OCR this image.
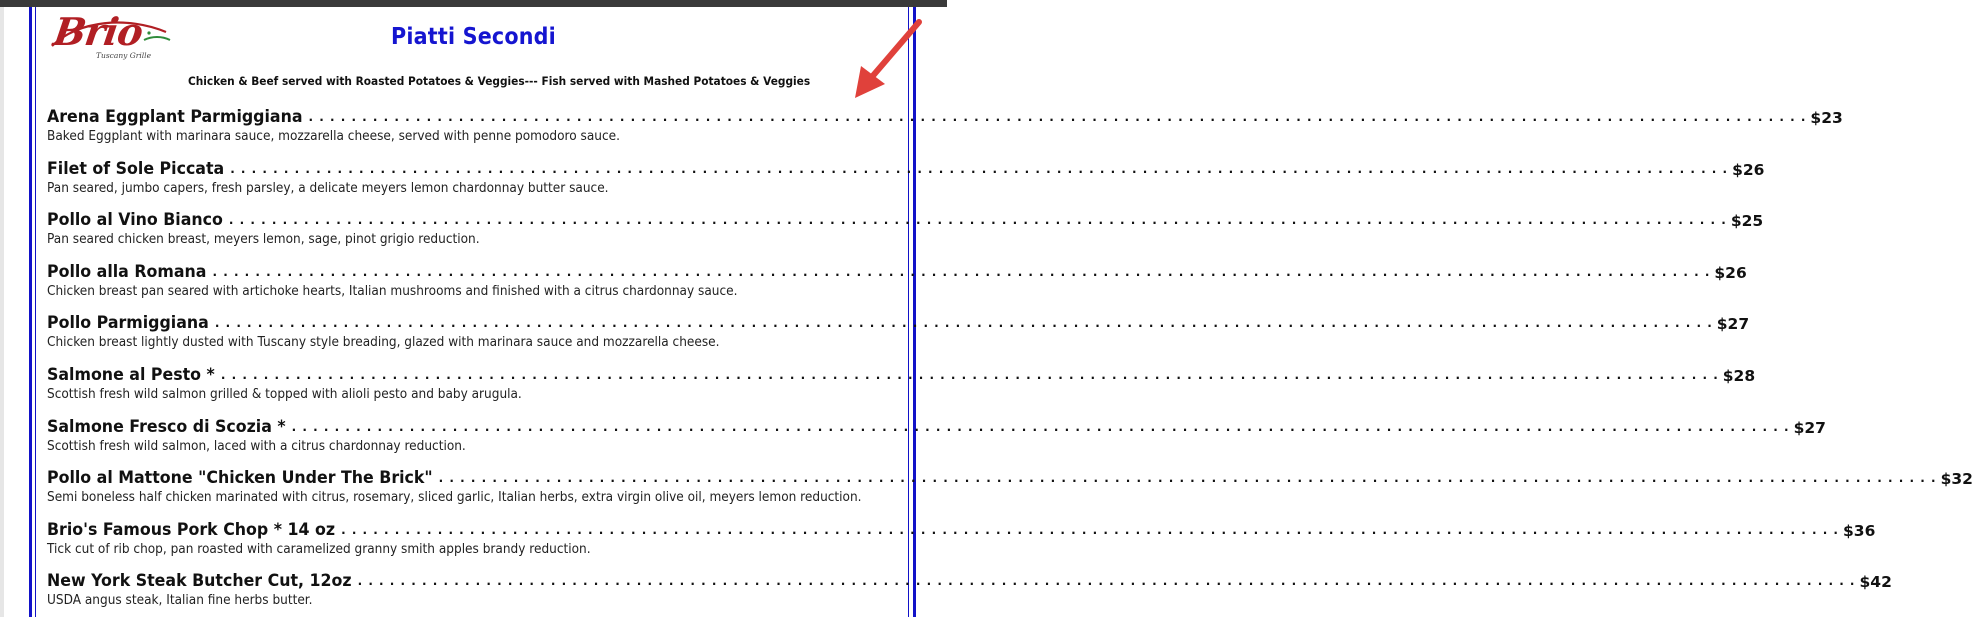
Brio
Tuscany Grille
Piatti Secondi
Chicken & Beef served with Roasted Potatoes & Veggies--- Fish served with Mashed Potatoes & Veggies
Arena Eggplant Parmiggiana . . . . . . . . . . . . . . . . . . . . . . . . . . . . . . . . . . . . . . . . . . . . . . . . . . . . . . . . . . . . . . . . . . . . . . . . . . . . . . . . . . . . . . . . . . . . . . . . . . . . . . . . . . . . . . . . . . . . . . . . . . . . . . . . . . . . . . . . . . . . $23
Baked Eggplant with marinara sauce, mozzarella cheese, served with penne pomodoro sauce.
Filet of Sole Piccata . . . . . . . . . . . . . . . . . . . . . . . . . . . . . . . . . . . . . . . . . . . . . . . . . . . . . . . . . . . . . . . . . . . . . . . . . . . . . . . . . . . . . . . . . . . . . . . . . . . . . . . . . . . . . . . . . . . . . . . . . . . . . . . . . . . . . . . . . . . . $26
Pan seared, jumbo capers, fresh parsley, a delicate meyers lemon chardonnay butter sauce.
Pollo al Vino Bianco . . . . . . . . . . . . . . . . . . . . . . . . . . . . . . . . . . . . . . . . . . . . . . . . . . . . . . . . . . . . . . . . . . . . . . . . . . . . . . . . . . . . . . . . . . . . . . . . . . . . . . . . . . . . . . . . . . . . . . . . . . . . . . . . . . . . . . . . . . . . $25
Pan seared chicken breast, meyers lemon, sage, pinot grigio reduction.
Pollo alla Romana . . . . . . . . . . . . . . . . . . . . . . . . . . . . . . . . . . . . . . . . . . . . . . . . . . . . . . . . . . . . . . . . . . . . . . . . . . . . . . . . . . . . . . . . . . . . . . . . . . . . . . . . . . . . . . . . . . . . . . . . . . . . . . . . . . . . . . . . . . . . $26
Chicken breast pan seared with artichoke hearts, Italian mushrooms and finished with a citrus chardonnay sauce.
Pollo Parmiggiana . . . . . . . . . . . . . . . . . . . . . . . . . . . . . . . . . . . . . . . . . . . . . . . . . . . . . . . . . . . . . . . . . . . . . . . . . . . . . . . . . . . . . . . . . . . . . . . . . . . . . . . . . . . . . . . . . . . . . . . . . . . . . . . . . . . . . . . . . . . . $27
Chicken breast lightly dusted with Tuscany style breading, glazed with marinara sauce and mozzarella cheese.
Salmone al Pesto * . . . . . . . . . . . . . . . . . . . . . . . . . . . . . . . . . . . . . . . . . . . . . . . . . . . . . . . . . . . . . . . . . . . . . . . . . . . . . . . . . . . . . . . . . . . . . . . . . . . . . . . . . . . . . . . . . . . . . . . . . . . . . . . . . . . . . . . . . . . . $28
Scottish fresh wild salmon grilled & topped with alioli pesto and baby arugula.
Salmone Fresco di Scozia * . . . . . . . . . . . . . . . . . . . . . . . . . . . . . . . . . . . . . . . . . . . . . . . . . . . . . . . . . . . . . . . . . . . . . . . . . . . . . . . . . . . . . . . . . . . . . . . . . . . . . . . . . . . . . . . . . . . . . . . . . . . . . . . . . . . . . . . . . . . . $27
Scottish fresh wild salmon, laced with a citrus chardonnay reduction.
Pollo al Mattone "Chicken Under The Brick" . . . . . . . . . . . . . . . . . . . . . . . . . . . . . . . . . . . . . . . . . . . . . . . . . . . . . . . . . . . . . . . . . . . . . . . . . . . . . . . . . . . . . . . . . . . . . . . . . . . . . . . . . . . . . . . . . . . . . . . . . . . . . . . . . . . . . . . . . . . . $32
Semi boneless half chicken marinated with citrus, rosemary, sliced garlic, Italian herbs, extra virgin olive oil, meyers lemon reduction.
Brio's Famous Pork Chop * 14 oz . . . . . . . . . . . . . . . . . . . . . . . . . . . . . . . . . . . . . . . . . . . . . . . . . . . . . . . . . . . . . . . . . . . . . . . . . . . . . . . . . . . . . . . . . . . . . . . . . . . . . . . . . . . . . . . . . . . . . . . . . . . . . . . . . . . . . . . . . . . . $36
Tick cut of rib chop, pan roasted with caramelized granny smith apples brandy reduction.
New York Steak Butcher Cut, 12oz . . . . . . . . . . . . . . . . . . . . . . . . . . . . . . . . . . . . . . . . . . . . . . . . . . . . . . . . . . . . . . . . . . . . . . . . . . . . . . . . . . . . . . . . . . . . . . . . . . . . . . . . . . . . . . . . . . . . . . . . . . . . . . . . . . . . . . . . . . . . $42
USDA angus steak, Italian fine herbs butter.
